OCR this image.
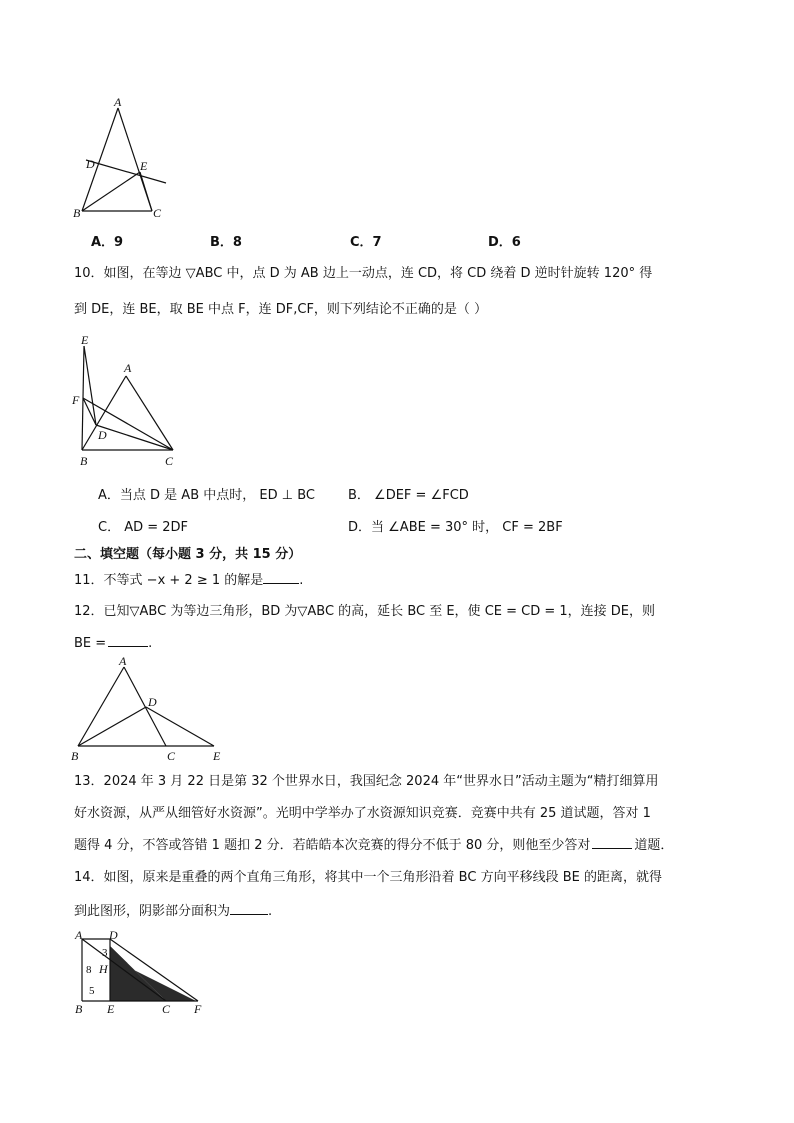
A
D	E
B	C
A．9	B．8	C．7	D．6
10．如图，在等边 ▽ABC 中，点 D 为 AB 边上一动点，连 CD，将 CD 绕着 D 逆时针旋转 120° 得
到 DE，连 BE，取 BE 中点 F，连 DF,CF，则下列结论不正确的是（ ）
E
A
F
D
B	C
A．当点 D 是 AB 中点时， ED ⊥ BC	B． ∠DEF = ∠FCD
C． AD = 2DF	D．当 ∠ABE = 30° 时， CF = 2BF
二、填空题（每小题 3 分，共 15 分）
11．不等式 −x + 2 ≥ 1 的解是	.
12．已知▽ABC 为等边三角形，BD 为▽ABC 的高，延长 BC 至 E，使 CE = CD = 1，连接 DE，则
BE =	.
A
D
B	C	E
13．2024 年 3 月 22 日是第 32 个世界水日，我国纪念 2024 年“世界水日”活动主题为“精打细算用
好水资源，从严从细管好水资源”。光明中学举办了水资源知识竞赛．竞赛中共有 25 道试题，答对 1
题得 4 分，不答或答错 1 题扣 2 分．若皓皓本次竞赛的得分不低于 80 分，则他至少答对	道题．
14．如图，原来是重叠的两个直角三角形，将其中一个三角形沿着 BC 方向平移线段 BE 的距离，就得
到此图形，阴影部分面积为	.
A D
3
8 H
5
B E	C F
